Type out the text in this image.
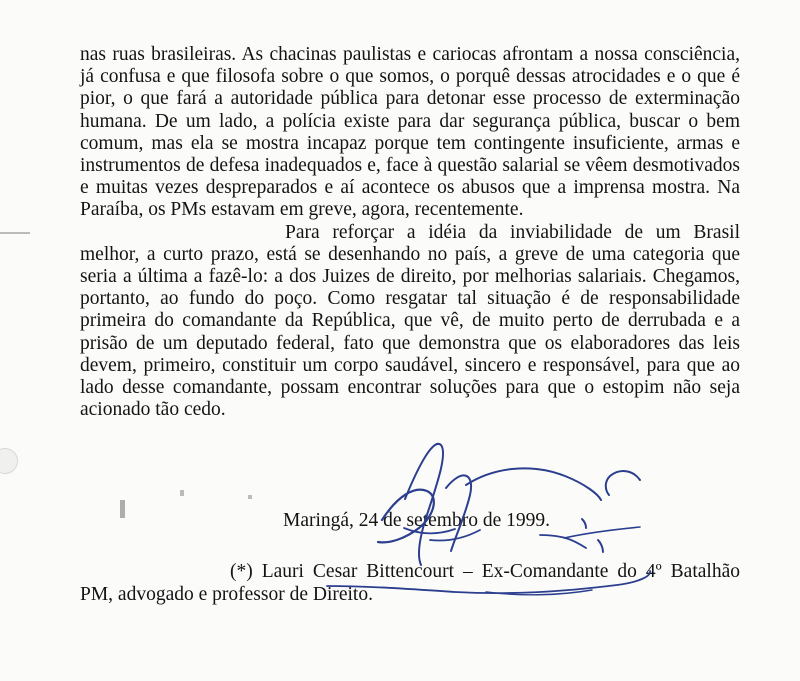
nas ruas brasileiras. As chacinas paulistas e cariocas afrontam a nossa consciência, já confusa e que filosofa sobre o que somos, o porquê dessas atrocidades e o que é pior, o que fará a autoridade pública para detonar esse processo de exterminação humana. De um lado, a polícia existe para dar segurança pública, buscar o bem comum, mas ela se mostra incapaz porque tem contingente insuficiente, armas e instrumentos de defesa inadequados e, face à questão salarial se vêem desmotivados e muitas vezes despreparados e aí acontece os abusos que a imprensa mostra. Na Paraíba, os PMs estavam em greve, agora, recentemente.

Para reforçar a idéia da inviabilidade de um Brasil melhor, a curto prazo, está se desenhando no país, a greve de uma categoria que seria a última a fazê-lo: a dos Juizes de direito, por melhorias salariais. Chegamos, portanto, ao fundo do poço. Como resgatar tal situação é de responsabilidade primeira do comandante da República, que vê, de muito perto de derrubada e a prisão de um deputado federal, fato que demonstra que os elaboradores das leis devem, primeiro, constituir um corpo saudável, sincero e responsável, para que ao lado desse comandante, possam encontrar soluções para que o estopim não seja acionado tão cedo.

Maringá, 24 de setembro de 1999.
(*) Lauri Cesar Bittencourt – Ex-Comandante do 4º Batalhão PM, advogado e professor de Direito.
